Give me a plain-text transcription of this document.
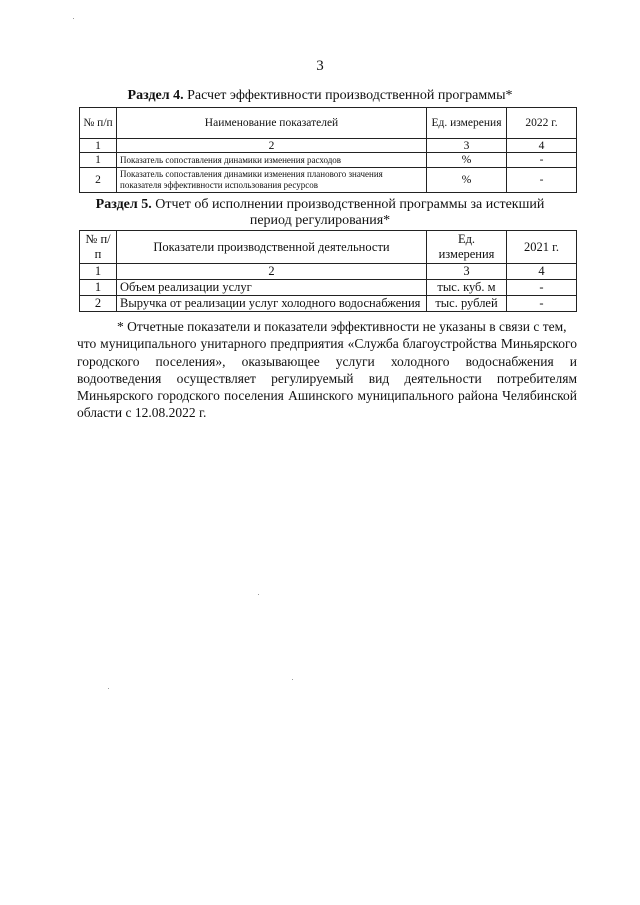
3
Раздел 4. Расчет эффективности производственной программы*
№ п/п	Наименование показателей	Ед. измерения	2022 г.
1	2	3	4
1	Показатель сопоставления динамики изменения расходов	%	-
2	Показатель сопоставления динамики изменения планового значения показателя эффективности использования ресурсов	%	-
Раздел 5. Отчет об исполнении производственной программы за истекший
период регулирования*
№ п/п	Показатели производственной деятельности	Ед. измерения	2021 г.
1	2	3	4
1	Объем реализации услуг	тыс. куб. м	-
2	Выручка от реализации услуг холодного водоснабжения	тыс. рублей	-
* Отчетные показатели и показатели эффективности не указаны в связи с тем,
что муниципального унитарного предприятия «Служба благоустройства Миньярского городского поселения», оказывающее услуги холодного водоснабжения и водоотведения осуществляет регулируемый вид деятельности потребителям Миньярского городского поселения Ашинского муниципального района Челябинской области с 12.08.2022 г.
